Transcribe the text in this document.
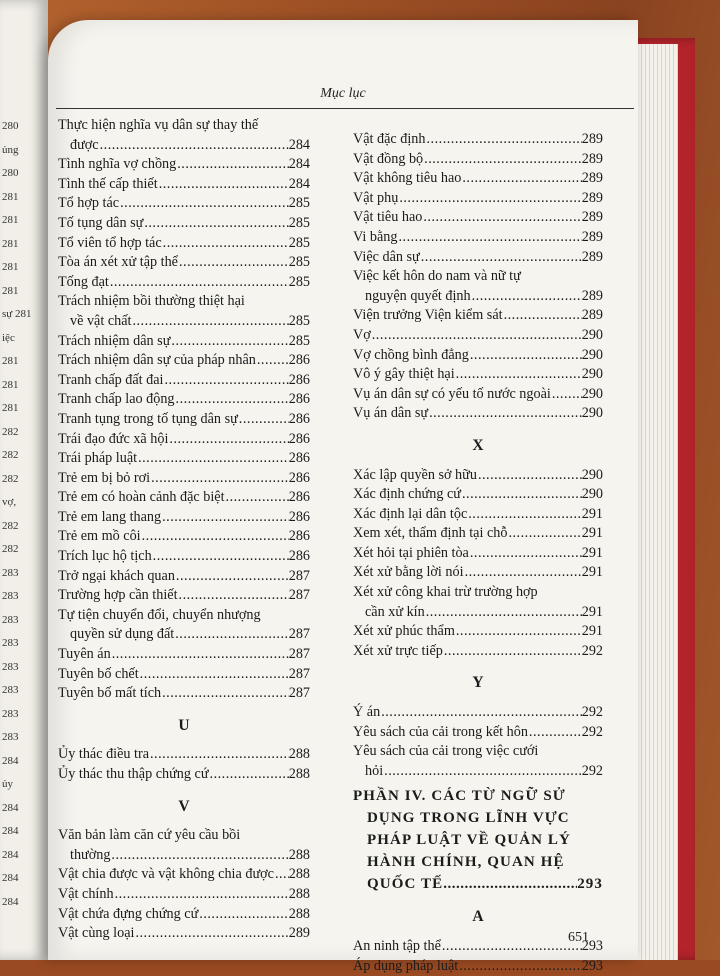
280
ủng
280
281
281
281
281
281
sự 281
iệc
281
281
281
282
282
282
vợ,
282
282
283
283
283
283
283
283
283
283
284
ủy
284
284
284
284
284
Mục lục
Thực hiện nghĩa vụ dân sự thay thế
được .....	284
Tình nghĩa vợ chồng .....	284
Tình thế cấp thiết .....	284
Tổ hợp tác .....	285
Tố tụng dân sự .....	285
Tổ viên tổ hợp tác .....	285
Tòa án xét xử tập thể .....	285
Tống đạt .....	285
Trách nhiệm bồi thường thiệt hại
về vật chất .....	285
Trách nhiệm dân sự .....	285
Trách nhiệm dân sự của pháp nhân ..... 286
Tranh chấp đất đai .....	286
Tranh chấp lao động .....	286
Tranh tụng trong tố tụng dân sự .....	286
Trái đạo đức xã hội .....	286
Trái pháp luật .....	286
Trẻ em bị bỏ rơi .....	286
Trẻ em có hoàn cảnh đặc biệt .....	286
Trẻ em lang thang .....	286
Trẻ em mồ côi .....	286
Trích lục hộ tịch .....	286
Trở ngại khách quan .....	287
Trường hợp cần thiết .....	287
Tự tiện chuyển đổi, chuyển nhượng
quyền sử dụng đất .....	287
Tuyên án .....	287
Tuyên bố chết .....	287
Tuyên bố mất tích .....	287
U
Ủy thác điều tra .....	288
Ủy thác thu thập chứng cứ .....	288
V
Văn bản làm căn cứ yêu cầu bồi
thường .....	288
Vật chia được và vật không chia được ..... 288
Vật chính .....	288
Vật chứa đựng chứng cứ .....	288
Vật cùng loại .....	289
Vật đặc định .....	289
Vật đồng bộ .....	289
Vật không tiêu hao .....	289
Vật phụ .....	289
Vật tiêu hao .....	289
Vi bằng .....	289
Việc dân sự .....	289
Việc kết hôn do nam và nữ tự
nguyện quyết định .....	289
Viện trưởng Viện kiểm sát .....	289
Vợ .....	290
Vợ chồng bình đẳng .....	290
Vô ý gây thiệt hại .....	290
Vụ án dân sự có yếu tố nước ngoài ..... 290
Vụ án dân sự .....	290
X
Xác lập quyền sở hữu .....	290
Xác định chứng cứ .....	290
Xác định lại dân tộc .....	291
Xem xét, thẩm định tại chỗ .....	291
Xét hỏi tại phiên tòa .....	291
Xét xử bằng lời nói .....	291
Xét xử công khai trừ trường hợp
cần xử kín .....	291
Xét xử phúc thẩm .....	291
Xét xử trực tiếp .....	292
Y
Ý án .....	292
Yêu sách của cải trong kết hôn .....	292
Yêu sách của cải trong việc cưới
hỏi .....	292
PHẦN IV. CÁC TỪ NGỮ SỬ
DỤNG TRONG LĨNH VỰC
PHÁP LUẬT VỀ QUẢN LÝ
HÀNH CHÍNH, QUAN HỆ
QUỐC TẾ .....	293
A
An ninh tập thể .....	293
Áp dụng pháp luật .....	293
651
